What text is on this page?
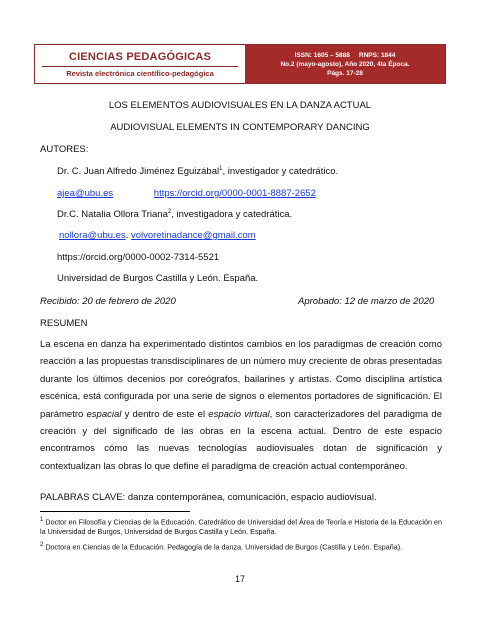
CIENCIAS PEDAGÓGICAS
Revista electrónica científico-pedagógica
ISSN: 1605 – 5888     RNPS: 1844
No.2 (mayo-agosto), Año 2020, 4ta Época.
Págs. 17-28
LOS ELEMENTOS AUDIOVISUALES EN LA DANZA ACTUAL
AUDIOVISUAL ELEMENTS IN CONTEMPORARY DANCING
AUTORES:
Dr. C. Juan Alfredo Jiménez Eguizábal$^1$, investigador y catedrático.
ajea@ubu.es	https://orcid.org/0000-0001-8887-2652
Dr.C. Natalia Ollora Triana$^2$, investigadora y catedrática.
nollora@ubu.es. volvoretinadance@gmail.com
https://orcid.org/0000-0002-7314-5521
Universidad de Burgos Castilla y León. España.
Recibido: 20 de febrero de 2020	Aprobado: 12 de marzo de 2020
RESUMEN
La escena en danza ha experimentado distintos cambios en los paradigmas de creación como reacción a las propuestas transdisciplinares de un número muy creciente de obras presentadas durante los últimos decenios por coreógrafos, bailarines y artistas. Como disciplina artística escénica, está configurada por una serie de signos o elementos portadores de significación. El parámetro espacial y dentro de este el espacio virtual, son caracterizadores del paradigma de creación y del significado de las obras en la escena actual. Dentro de este espacio encontramos cómo las nuevas tecnologías audiovisuales dotan de significación y contextualizan las obras lo que define el paradigma de creación actual contemporáneo.
PALABRAS CLAVE: danza contemporánea, comunicación, espacio audiovisual.
$^1$ Doctor en Filosofía y Ciencias de la Educación. Catedrático de Universidad del Área de Teoría e Historia de la Educación en la Universidad de Burgos, Universidad de Burgos Castilla y León. España.
$^2$ Doctora en Ciencias de la Educación. Pedagogía de la danza. Universidad de Burgos (Castilla y León. España).
17
